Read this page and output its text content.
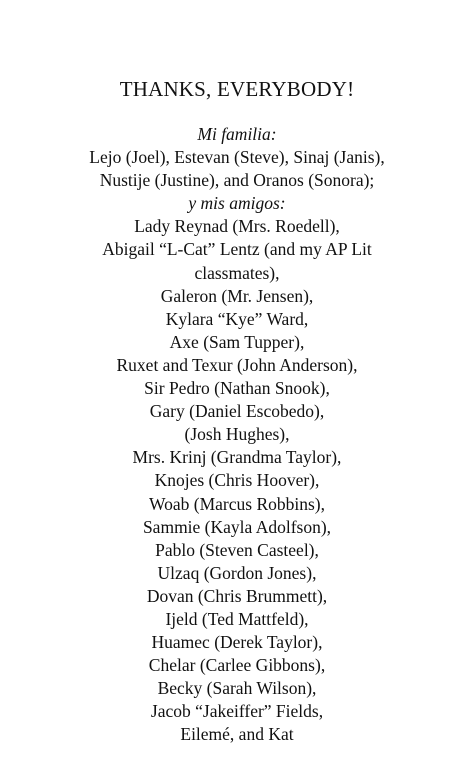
THANKS, EVERYBODY!
Mi familia:
Lejo (Joel), Estevan (Steve), Sinaj (Janis),
Nustije (Justine), and Oranos (Sonora);
y mis amigos:
Lady Reynad (Mrs. Roedell),
Abigail “L-Cat” Lentz (and my AP Lit
classmates),
Galeron (Mr. Jensen),
Kylara “Kye” Ward,
Axe (Sam Tupper),
Ruxet and Texur (John Anderson),
Sir Pedro (Nathan Snook),
Gary (Daniel Escobedo),
(Josh Hughes),
Mrs. Krinj (Grandma Taylor),
Knojes (Chris Hoover),
Woab (Marcus Robbins),
Sammie (Kayla Adolfson),
Pablo (Steven Casteel),
Ulzaq (Gordon Jones),
Dovan (Chris Brummett),
Ijeld (Ted Mattfeld),
Huamec (Derek Taylor),
Chelar (Carlee Gibbons),
Becky (Sarah Wilson),
Jacob “Jakeiffer” Fields,
Eilemé, and Kat
